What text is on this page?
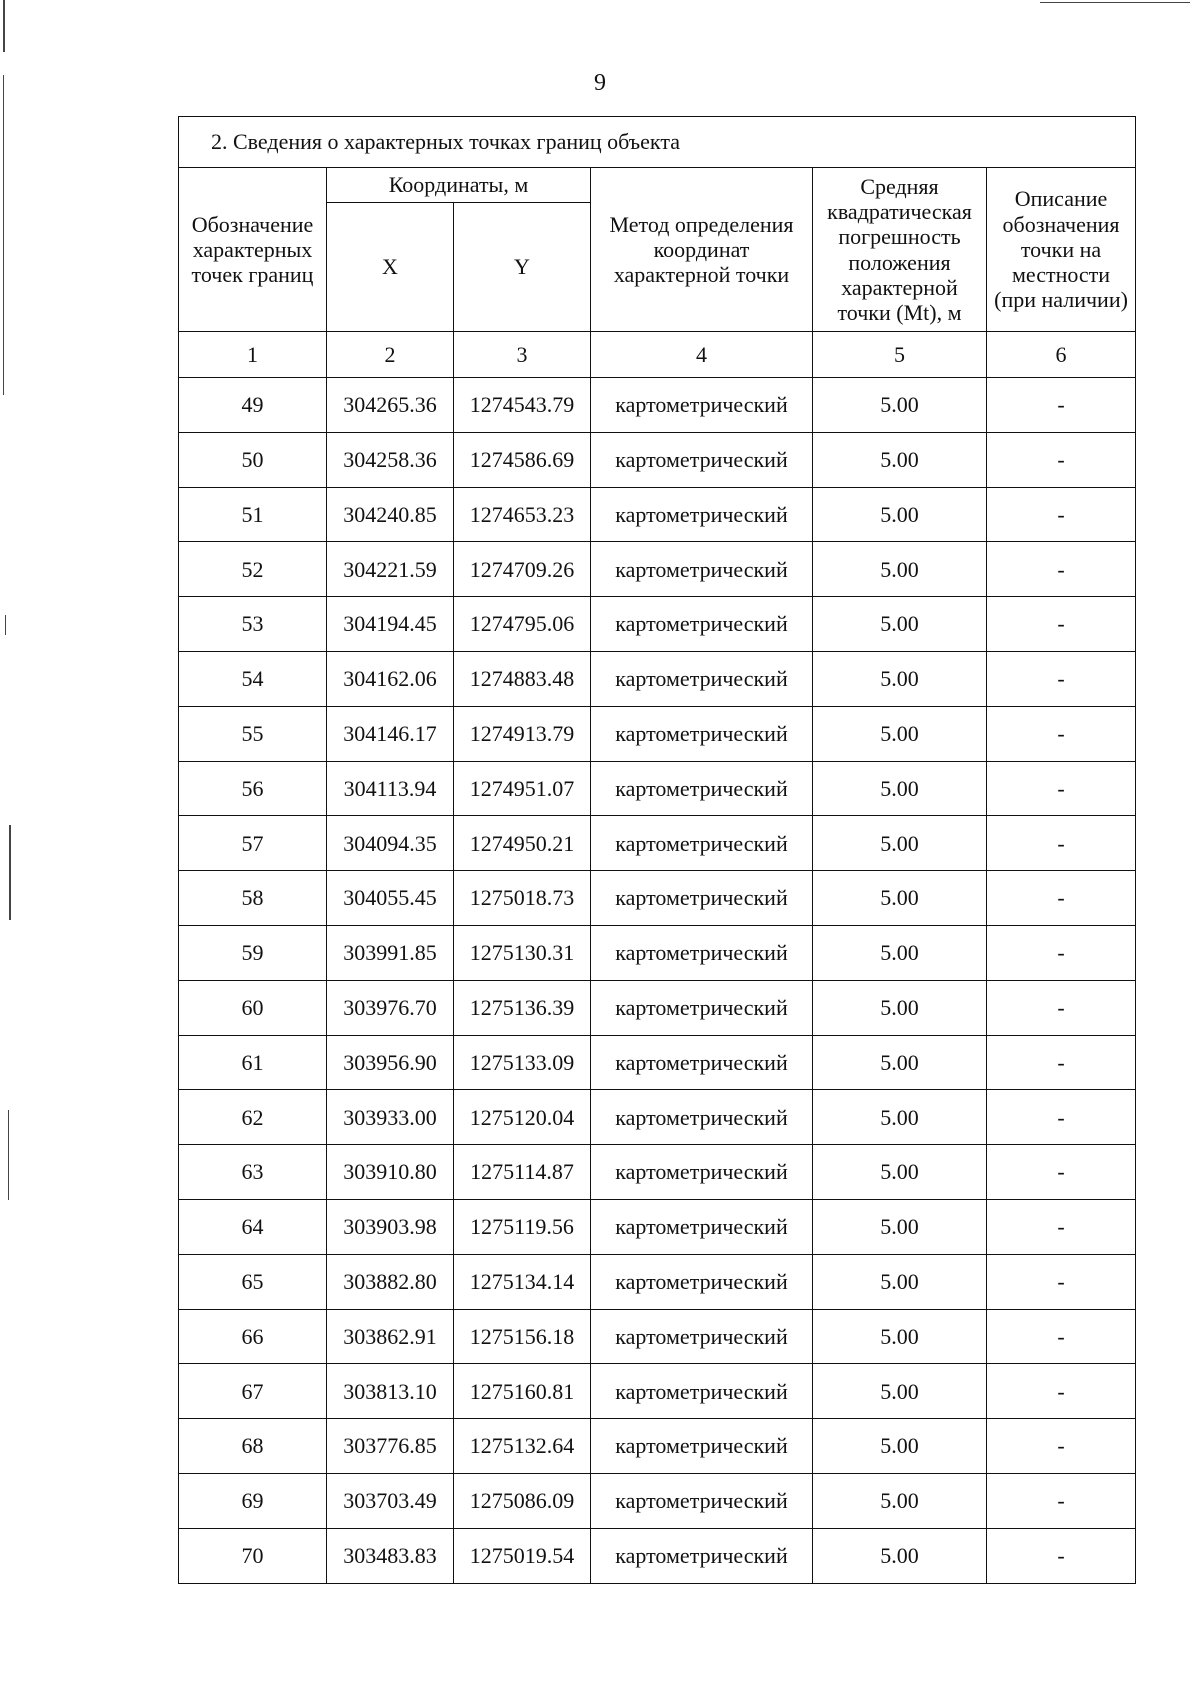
9
2. Сведения о характерных точках границ объекта					

Обозначение характерных точек границ	Координаты, м		Метод определения координат характерной точки	Средняя квадратическая погрешность положения характерной точки (Mt), м	Описание обозначения точки на местности (при наличии)

	X	Y			
1	2	3	4	5	6
49	304265.36	1274543.79	картометрический	5.00	-
50	304258.36	1274586.69	картометрический	5.00	-
51	304240.85	1274653.23	картометрический	5.00	-
52	304221.59	1274709.26	картометрический	5.00	-
53	304194.45	1274795.06	картометрический	5.00	-
54	304162.06	1274883.48	картометрический	5.00	-
55	304146.17	1274913.79	картометрический	5.00	-
56	304113.94	1274951.07	картометрический	5.00	-
57	304094.35	1274950.21	картометрический	5.00	-
58	304055.45	1275018.73	картометрический	5.00	-
59	303991.85	1275130.31	картометрический	5.00	-
60	303976.70	1275136.39	картометрический	5.00	-
61	303956.90	1275133.09	картометрический	5.00	-
62	303933.00	1275120.04	картометрический	5.00	-
63	303910.80	1275114.87	картометрический	5.00	-
64	303903.98	1275119.56	картометрический	5.00	-
65	303882.80	1275134.14	картометрический	5.00	-
66	303862.91	1275156.18	картометрический	5.00	-
67	303813.10	1275160.81	картометрический	5.00	-
68	303776.85	1275132.64	картометрический	5.00	-
69	303703.49	1275086.09	картометрический	5.00	-
70	303483.83	1275019.54	картометрический	5.00	-
